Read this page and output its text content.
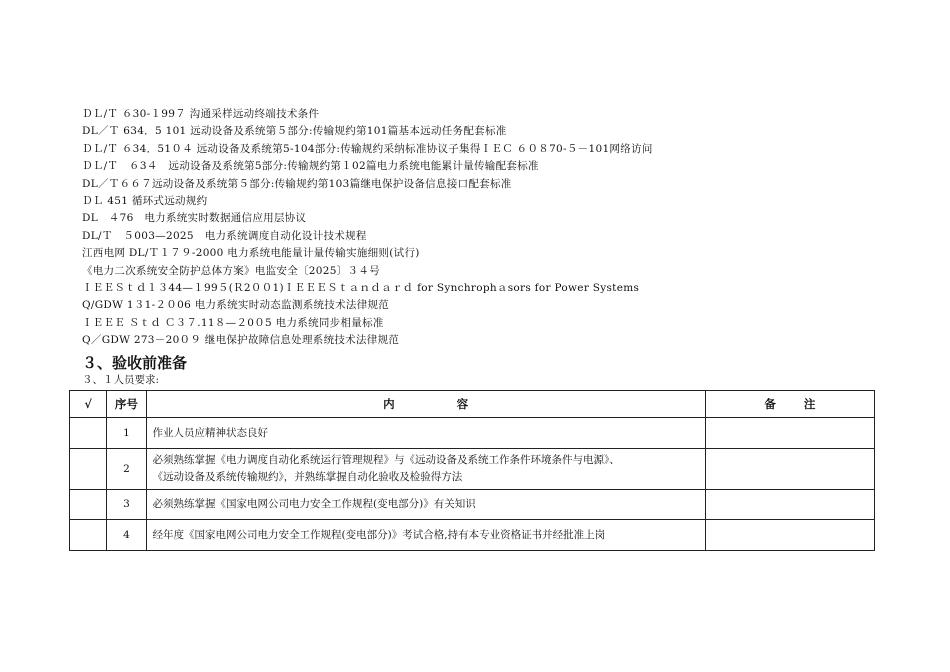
ＤＬ/Ｔ ６30-１99７ 沟通采样远动终端技术条件
DL／Ｔ 634．5 101 远动设备及系统第５部分:传输规约第101篇基本远动任务配套标准
ＤＬ/Ｔ ６34．51０４ 远动设备及系统第5-104部分:传输规约采纳标准协议子集得ＩＥＣ ６０８70-５－101网络访问
ＤＬ/Ｔ　６3４　远动设备及系统第5部分:传输规约第１02篇电力系统电能累计量传输配套标准
DL／Ｔ６６７远动设备及系统第５部分:传输规约第103篇继电保护设备信息接口配套标准
ＤＬ 451 循环式远动规约
DL　４76　电力系统实时数据通信应用层协议
DL/Ｔ　５003—2025　电力系统调度自动化设计技术规程
江西电网 DL/Ｔ１７９-2000 电力系统电能量计量传输实施细则(试行)
《电力二次系统安全防护总体方案》电监安全〔2025〕３４号
ＩＥＥＳｔｄ１３44—１99５(Ｒ2００1)ＩＥＥＥＳｔａｎｄａｒｄ for Synchrophａsors for Power Systems
Q/GDW 1３1-２０06 电力系统实时动态监测系统技术法律规范
ＩＥＥＥ Ｓｔｄ Ｃ３７.11８—２0０5 电力系统同步相量标准
Q／GDW 273－20０９ 继电保护故障信息处理系统技术法律规范
３、验收前准备
３、１人员要求:
√	序号	内容	备注
	1	作业人员应精神状态良好	
	2	必须熟练掌握《电力调度自动化系统运行管理规程》与《远动设备及系统工作条件环境条件与电源》、
《远动设备及系统传输规约》，并熟练掌握自动化验收及检验得方法	

	3	必须熟练掌握《国家电网公司电力安全工作规程(变电部分)》有关知识	
	4	经年度《国家电网公司电力安全工作规程(变电部分)》考试合格,持有本专业资格证书并经批准上岗	
